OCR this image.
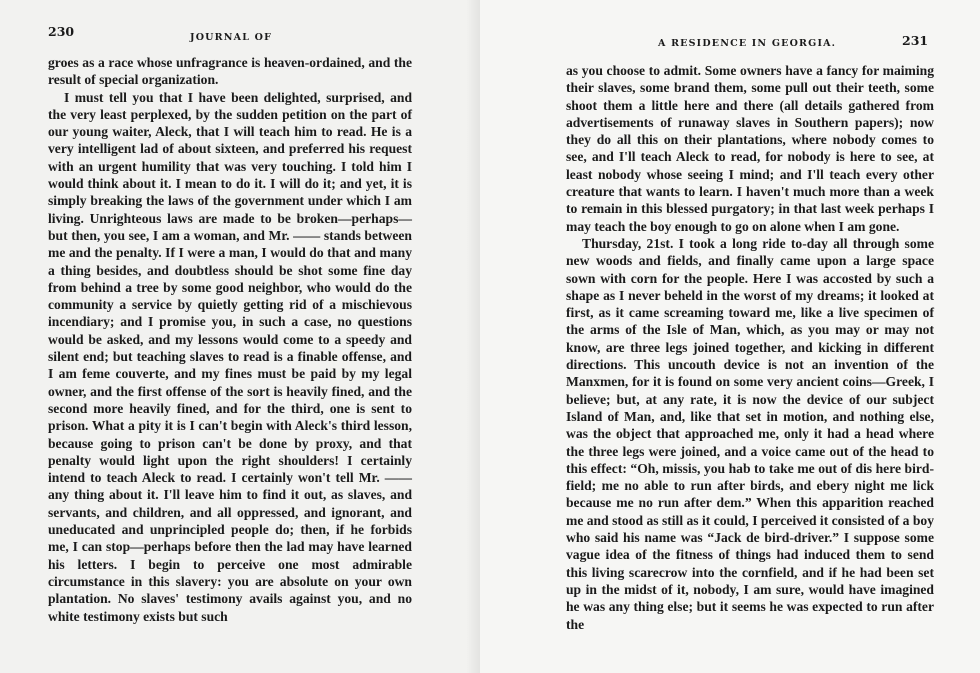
230	JOURNAL OF

groes as a race whose unfragrance is heaven-ordained, and the result of special organization.

I must tell you that I have been delighted, surprised, and the very least perplexed, by the sudden petition on the part of our young waiter, Aleck, that I will teach him to read. He is a very intelligent lad of about sixteen, and preferred his request with an urgent humility that was very touching. I told him I would think about it. I mean to do it. I will do it; and yet, it is simply breaking the laws of the government under which I am living. Unrighteous laws are made to be broken—perhaps—but then, you see, I am a woman, and Mr. —— stands between me and the penalty. If I were a man, I would do that and many a thing besides, and doubtless should be shot some fine day from behind a tree by some good neighbor, who would do the community a service by quietly getting rid of a mischievous incendiary; and I promise you, in such a case, no questions would be asked, and my lessons would come to a speedy and silent end; but teaching slaves to read is a finable offense, and I am feme couverte, and my fines must be paid by my legal owner, and the first offense of the sort is heavily fined, and the second more heavily fined, and for the third, one is sent to prison. What a pity it is I can't begin with Aleck's third lesson, because going to prison can't be done by proxy, and that penalty would light upon the right shoulders! I certainly intend to teach Aleck to read. I certainly won't tell Mr. —— any thing about it. I'll leave him to find it out, as slaves, and servants, and children, and all oppressed, and ignorant, and uneducated and unprincipled people do; then, if he forbids me, I can stop—perhaps before then the lad may have learned his letters. I begin to perceive one most admirable circumstance in this slavery: you are absolute on your own plantation. No slaves' testimony avails against you, and no white testimony exists but such

A RESIDENCE IN GEORGIA.	231

as you choose to admit. Some owners have a fancy for maiming their slaves, some brand them, some pull out their teeth, some shoot them a little here and there (all details gathered from advertisements of runaway slaves in Southern papers); now they do all this on their plantations, where nobody comes to see, and I'll teach Aleck to read, for nobody is here to see, at least nobody whose seeing I mind; and I'll teach every other creature that wants to learn. I haven't much more than a week to remain in this blessed purgatory; in that last week perhaps I may teach the boy enough to go on alone when I am gone.

Thursday, 21st. I took a long ride to-day all through some new woods and fields, and finally came upon a large space sown with corn for the people. Here I was accosted by such a shape as I never beheld in the worst of my dreams; it looked at first, as it came screaming toward me, like a live specimen of the arms of the Isle of Man, which, as you may or may not know, are three legs joined together, and kicking in different directions. This uncouth device is not an invention of the Manxmen, for it is found on some very ancient coins—Greek, I believe; but, at any rate, it is now the device of our subject Island of Man, and, like that set in motion, and nothing else, was the object that approached me, only it had a head where the three legs were joined, and a voice came out of the head to this effect: “Oh, missis, you hab to take me out of dis here bird-field; me no able to run after birds, and ebery night me lick because me no run after dem.” When this apparition reached me and stood as still as it could, I perceived it consisted of a boy who said his name was “Jack de bird-driver.” I suppose some vague idea of the fitness of things had induced them to send this living scarecrow into the cornfield, and if he had been set up in the midst of it, nobody, I am sure, would have imagined he was any thing else; but it seems he was expected to run after the
